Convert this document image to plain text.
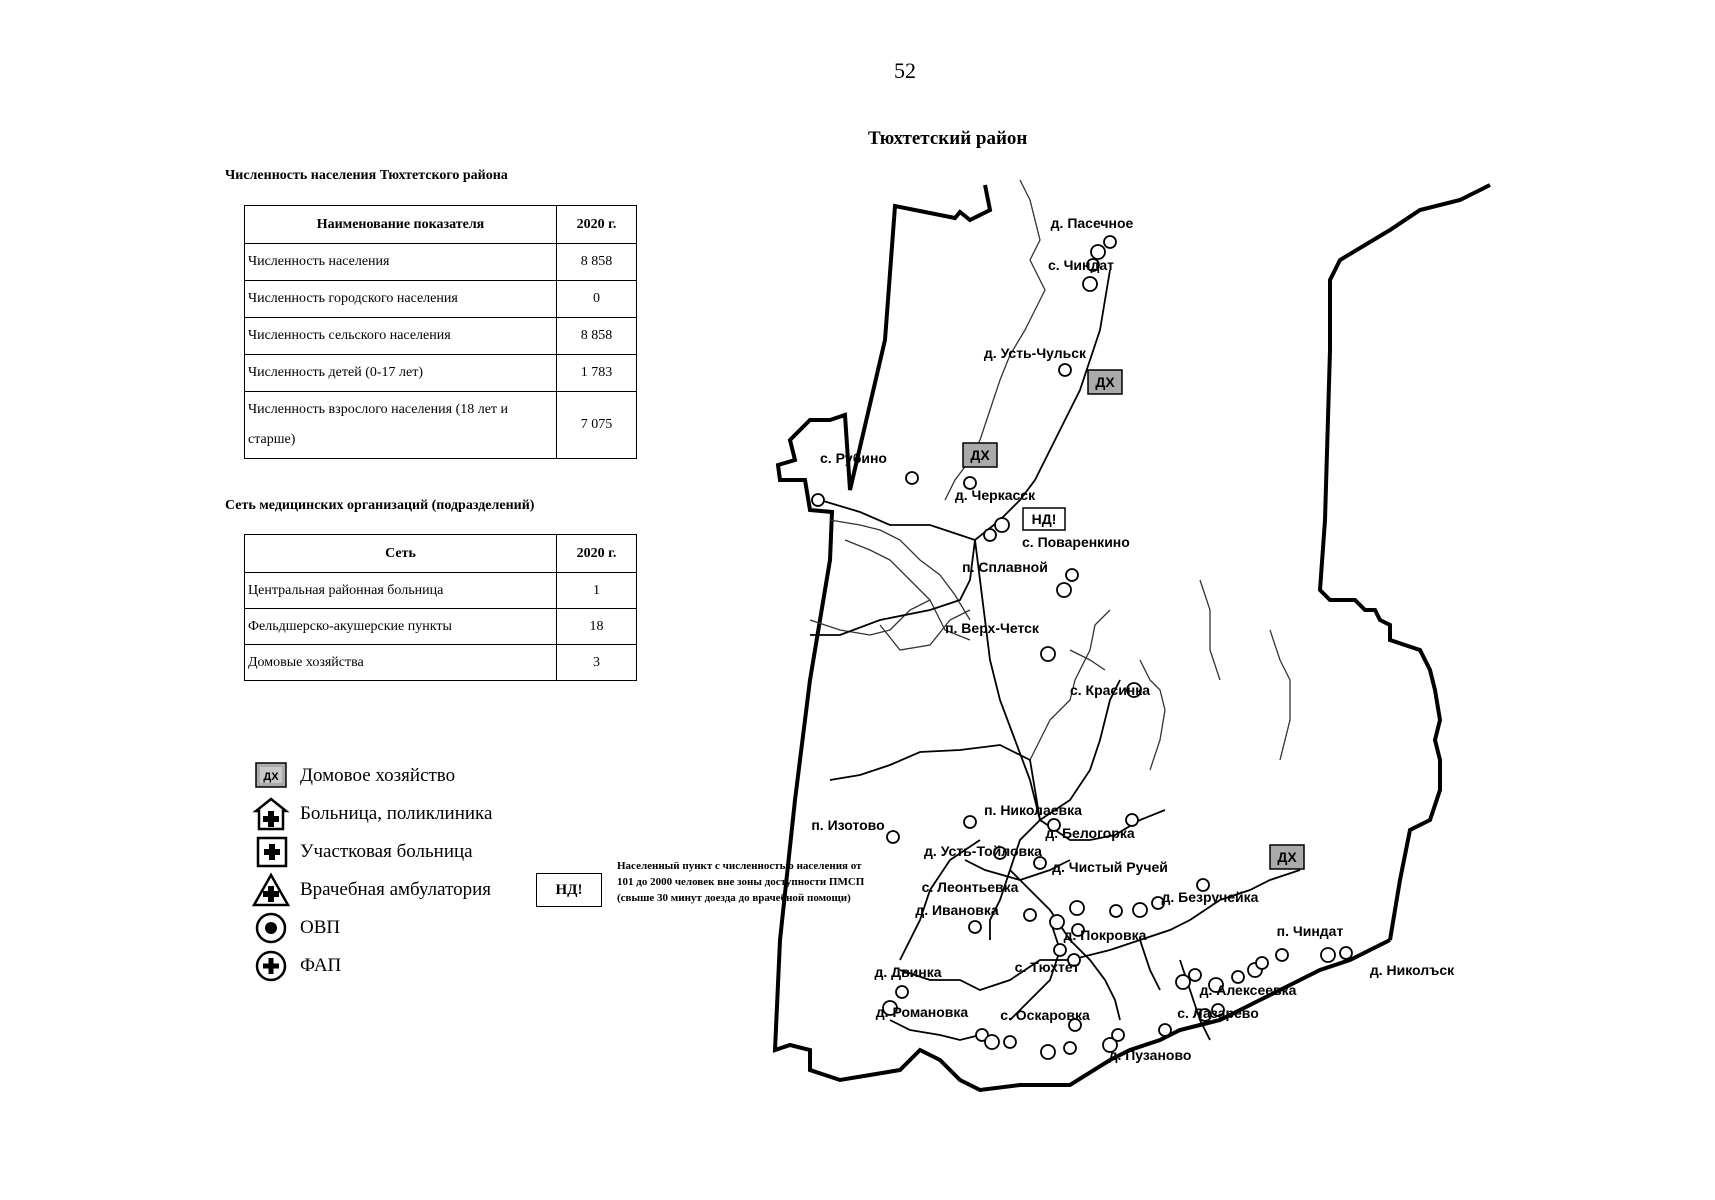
52
Тюхтетский район
Численность населения Тюхтетского района
Наименование показателя	2020 г.
Численность населения	8 858
Численность городского населения	0
Численность сельского населения	8 858
Численность детей (0-17 лет)	1 783
Численность взрослого населения (18 лет и старше)	7 075
Сеть медицинских организаций (подразделений)
Сеть	2020 г.
Центральная районная больница	1
Фельдшерско-акушерские пункты	18
Домовые хозяйства	3
ДХ Домовое хозяйство
Больница, поликлиника
Участковая больница
Врачебная амбулатория
ОВП
ФАП
НД!
Населенный пункт с численностью населения от 101 до 2000 человек вне зоны доступности ПМСП (свыше 30 минут доезда до врачебной помощи)
ДХ
ДХ
ДХ
НД!
д. Пасечное
с. Чиндат
д. Усть-Чульск
с. Рубино
д. Черкасск
с. Поваренкино
п. Сплавной
п. Верх-Четск
с. Красинка
п. Изотово
п. Николаевка
д. Белогорка
д. Усть-Тойловка
д. Чистый Ручей
с. Леонтьевка
д. Безручейка
д. Ивановка
д. Покровка	п. Чиндат
с. Тюхтет
д. Двинка	д. Николъск
д. Алексеевка
д. Романовка с. Оскаровка	с. Лазарево
д. Пузаново
